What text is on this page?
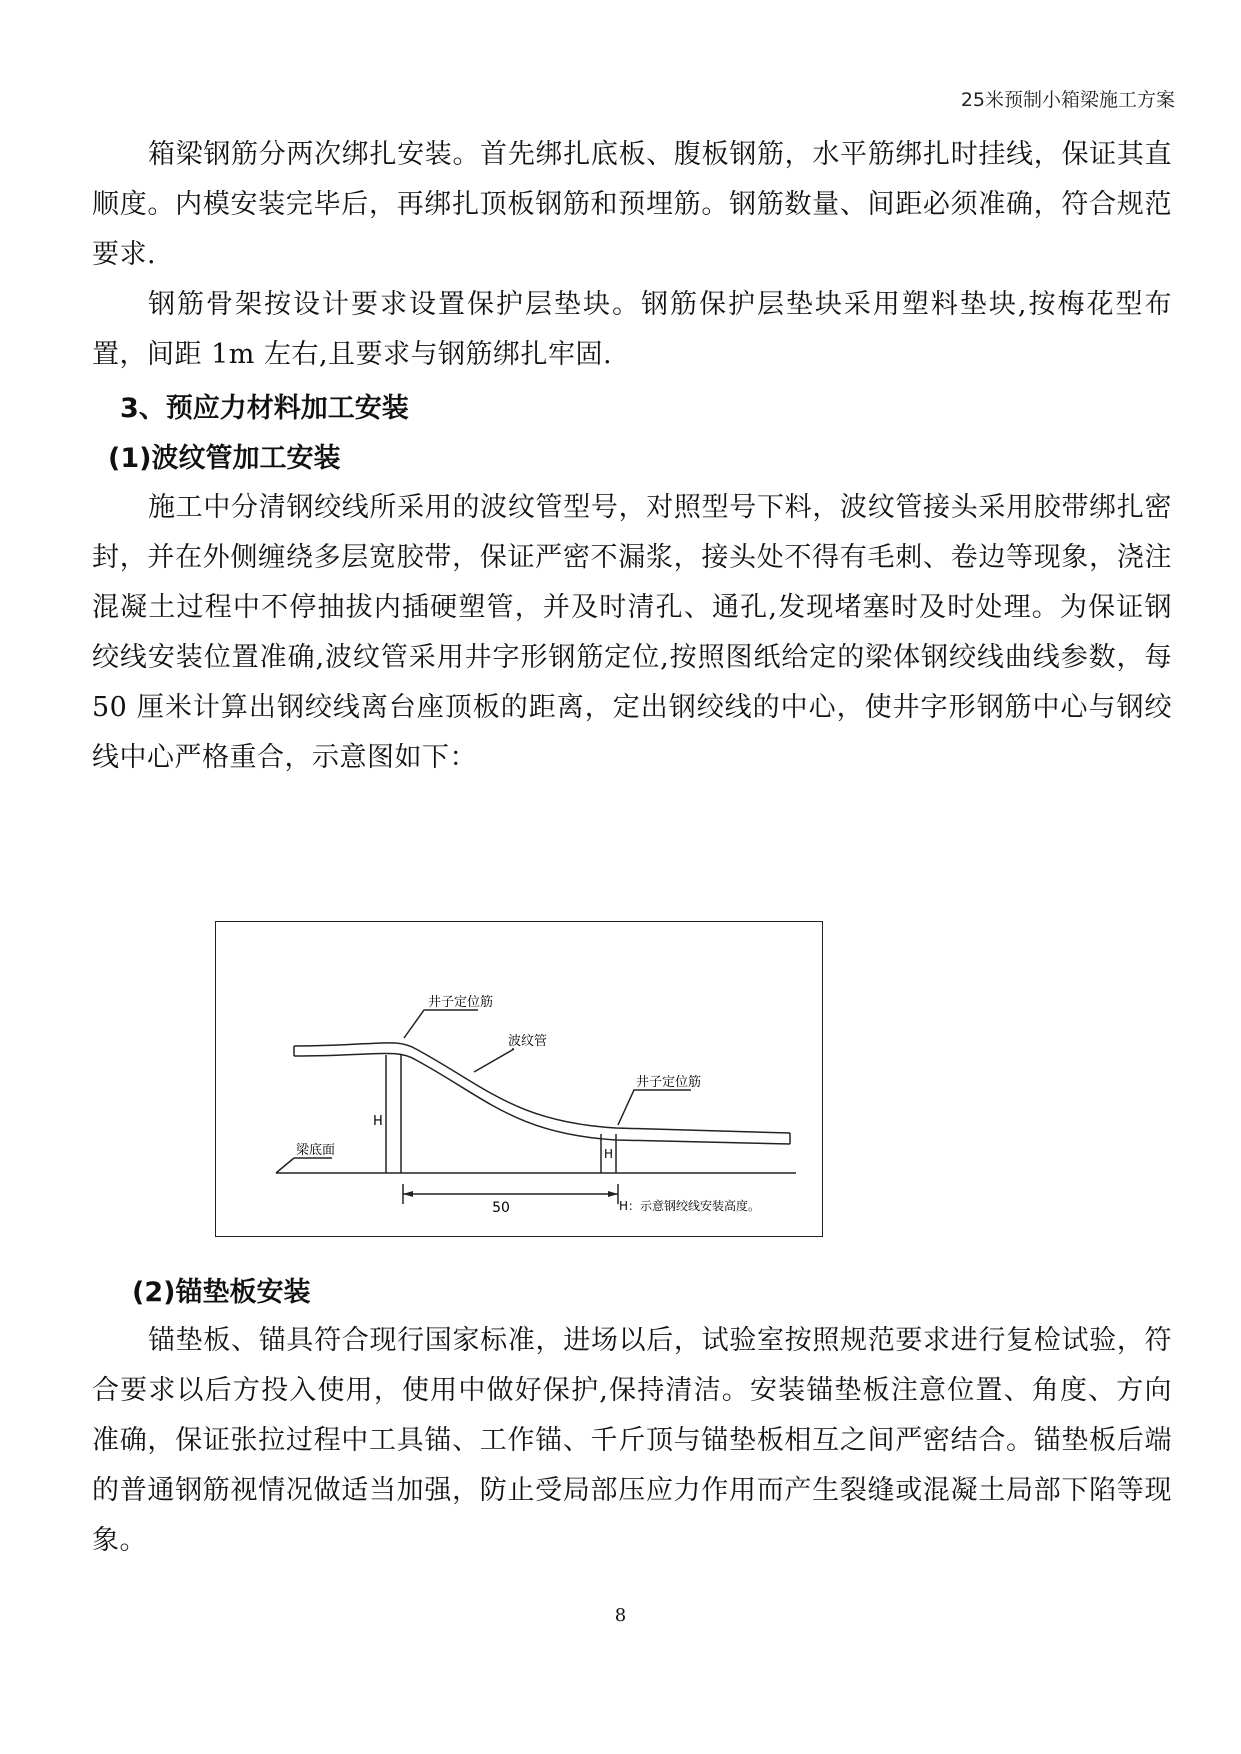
25米预制小箱梁施工方案

箱梁钢筋分两次绑扎安装。首先绑扎底板、腹板钢筋，水平筋绑扎时挂线，保证其直顺度。内模安装完毕后，再绑扎顶板钢筋和预埋筋。钢筋数量、间距必须准确，符合规范要求.

钢筋骨架按设计要求设置保护层垫块。钢筋保护层垫块采用塑料垫块,按梅花型布置，间距 1m 左右,且要求与钢筋绑扎牢固.

3、预应力材料加工安装
(1)波纹管加工安装

施工中分清钢绞线所采用的波纹管型号，对照型号下料，波纹管接头采用胶带绑扎密封，并在外侧缠绕多层宽胶带，保证严密不漏浆，接头处不得有毛刺、卷边等现象，浇注混凝土过程中不停抽拔内插硬塑管，并及时清孔、通孔,发现堵塞时及时处理。为保证钢绞线安装位置准确,波纹管采用井字形钢筋定位,按照图纸给定的梁体钢绞线曲线参数，每 50 厘米计算出钢绞线离台座顶板的距离，定出钢绞线的中心，使井字形钢筋中心与钢绞线中心严格重合，示意图如下：

井子定位筋
波纹管
井子定位筋
梁底面
H
H
50	H：示意钢绞线安装高度。
(2)锚垫板安装

锚垫板、锚具符合现行国家标准，进场以后，试验室按照规范要求进行复检试验，符合要求以后方投入使用，使用中做好保护,保持清洁。安装锚垫板注意位置、角度、方向准确，保证张拉过程中工具锚、工作锚、千斤顶与锚垫板相互之间严密结合。锚垫板后端的普通钢筋视情况做适当加强，防止受局部压应力作用而产生裂缝或混凝土局部下陷等现象。

8
